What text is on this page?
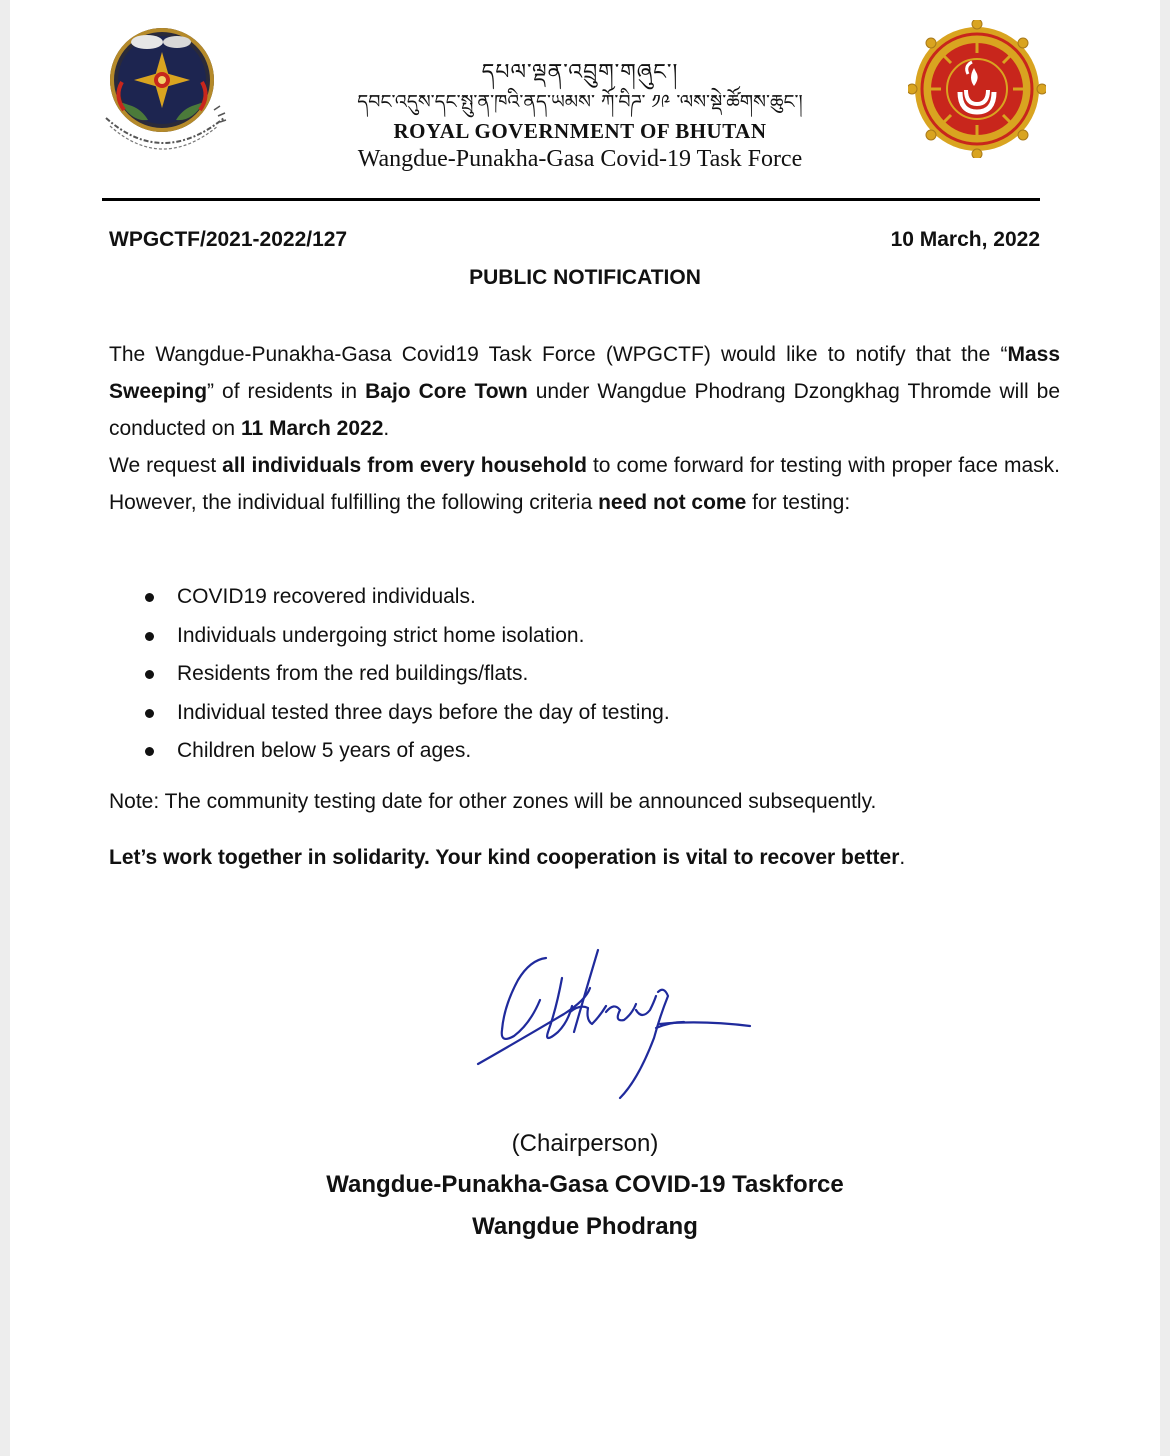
དཔལ་ལྡན་འབྲུག་གཞུང་།
དབང་འདུས་དང་སྤུ་ན་ཁའི་ནད་ཡམས་ ཀོ་བིཌ་ ༡༩ ་ལས་སྡེ་ཚོགས་ཆུང་།
ROYAL GOVERNMENT OF BHUTAN
Wangdue-Punakha-Gasa Covid-19 Task Force
WPGCTF/2021-2022/127	10 March, 2022
PUBLIC NOTIFICATION

The Wangdue-Punakha-Gasa Covid19 Task Force (WPGCTF) would like to notify that the “Mass Sweeping” of residents in Bajo Core Town under Wangdue Phodrang Dzongkhag Thromde will be conducted on 11 March 2022.

We request all individuals from every household to come forward for testing with proper face mask. However, the individual fulfilling the following criteria need not come for testing:

COVID19 recovered individuals.
Individuals undergoing strict home isolation.
Residents from the red buildings/flats.
Individual tested three days before the day of testing.
Children below 5 years of ages.
Note: The community testing date for other zones will be announced subsequently.
Let’s work together in solidarity. Your kind cooperation is vital to recover better.
(Chairperson)
Wangdue-Punakha-Gasa COVID-19 Taskforce
Wangdue Phodrang
